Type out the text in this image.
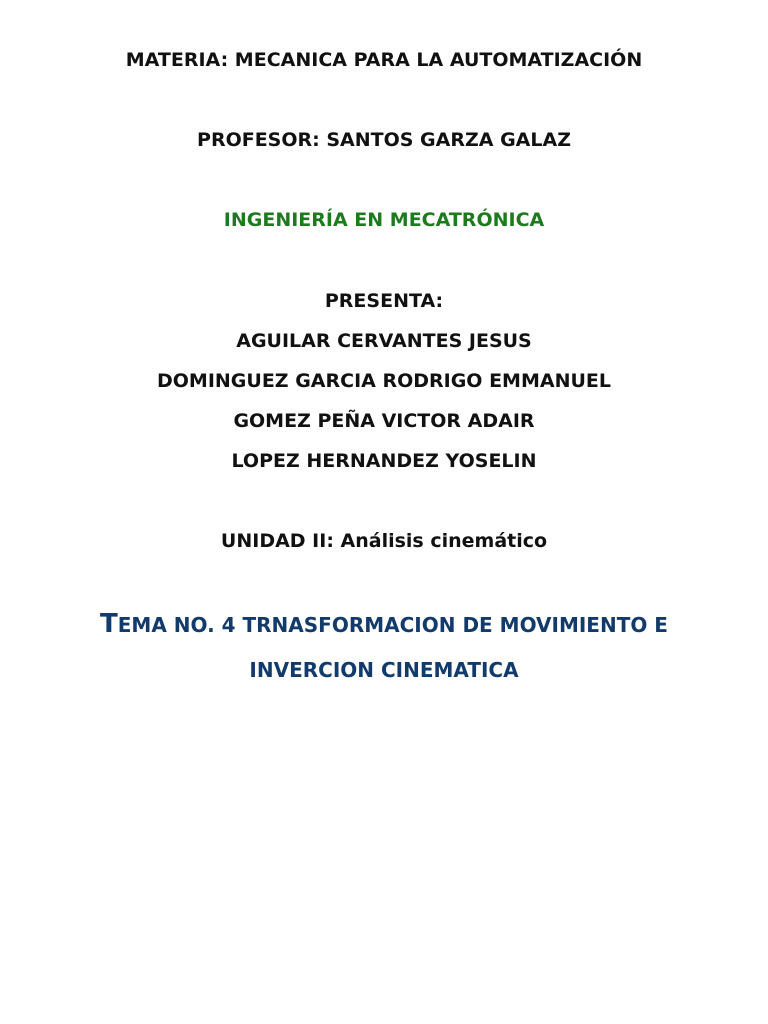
MATERIA: MECANICA PARA LA AUTOMATIZACIÓN
PROFESOR: SANTOS GARZA GALAZ
INGENIERÍA EN MECATRÓNICA
PRESENTA:
AGUILAR CERVANTES JESUS
DOMINGUEZ GARCIA RODRIGO EMMANUEL
GOMEZ PEÑA VICTOR ADAIR
LOPEZ HERNANDEZ YOSELIN
UNIDAD II: Análisis cinemático
TEMA NO. 4 TRNASFORMACION DE MOVIMIENTO E
INVERCION CINEMATICA
